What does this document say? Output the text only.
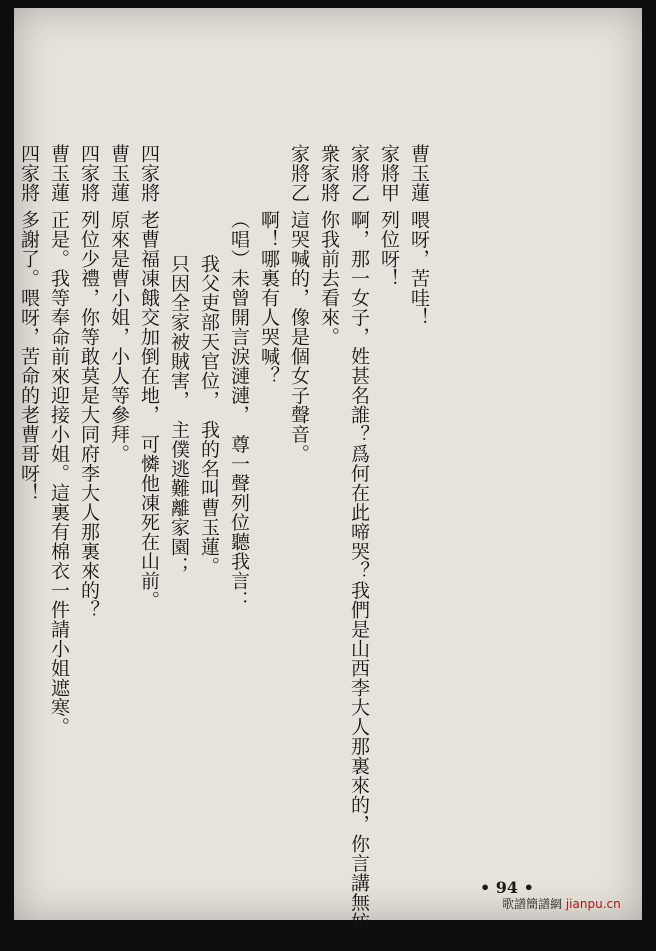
曹玉蓮喂呀，苦哇！
家將甲列位呀！
家將乙啊，那一女子，姓甚名誰？爲何在此啼哭？我們是山西李大人那裏來的，你言講無妨。
衆家將你我前去看來。
家將乙這哭喊的，像是個女子聲音。
啊！哪裏有人哭喊？
（唱）未曾開言淚漣漣，　尊一聲列位聽我言：
我父吏部天官位，　我的名叫曹玉蓮。
只因全家被賊害，　主僕逃難離家園；
四家將老曹福凍餓交加倒在地，　可憐他凍死在山前。
曹玉蓮原來是曹小姐，小人等參拜。
四家將列位少禮，你等敢莫是大同府李大人那裏來的？
曹玉蓮正是。我等奉命前來迎接小姐。這裏有棉衣一件請小姐遮寒。
四家將多謝了。喂呀，苦命的老曹哥呀！
• 94 •
歌譜簡譜網 jianpu.cn
